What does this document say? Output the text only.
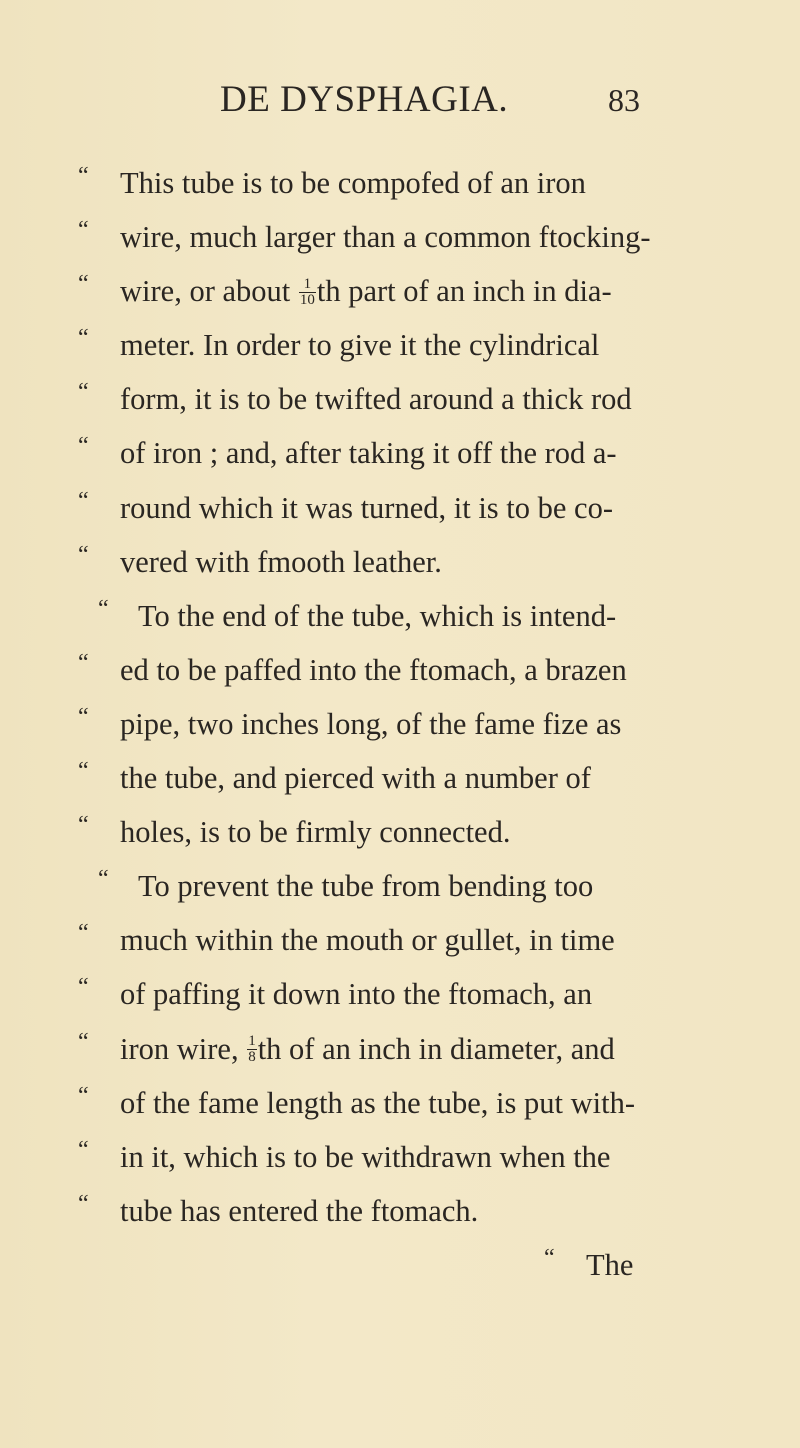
DE DYSPHAGIA.	83
“ This tube is to be compofed of an iron
“ wire, much larger than a common ftocking-
“ wire, or about $\frac{1}{10}$ th part of an inch in dia-
“ meter. In order to give it the cylindrical
“ form, it is to be twifted around a thick rod
“ of iron ; and, after taking it off the rod a-
“ round which it was turned, it is to be co-
“ vered with fmooth leather.
“ To the end of the tube, which is intend-
“ ed to be paffed into the ftomach, a brazen
“ pipe, two inches long, of the fame fize as
“ the tube, and pierced with a number of
“ holes, is to be firmly connected.
“ To prevent the tube from bending too
“ much within the mouth or gullet, in time
“ of paffing it down into the ftomach, an
“ iron wire, $\frac{1}{8}$ th of an inch in diameter, and
“ of the fame length as the tube, is put with-
“ in it, which is to be withdrawn when the
“ tube has entered the ftomach.
“ The
